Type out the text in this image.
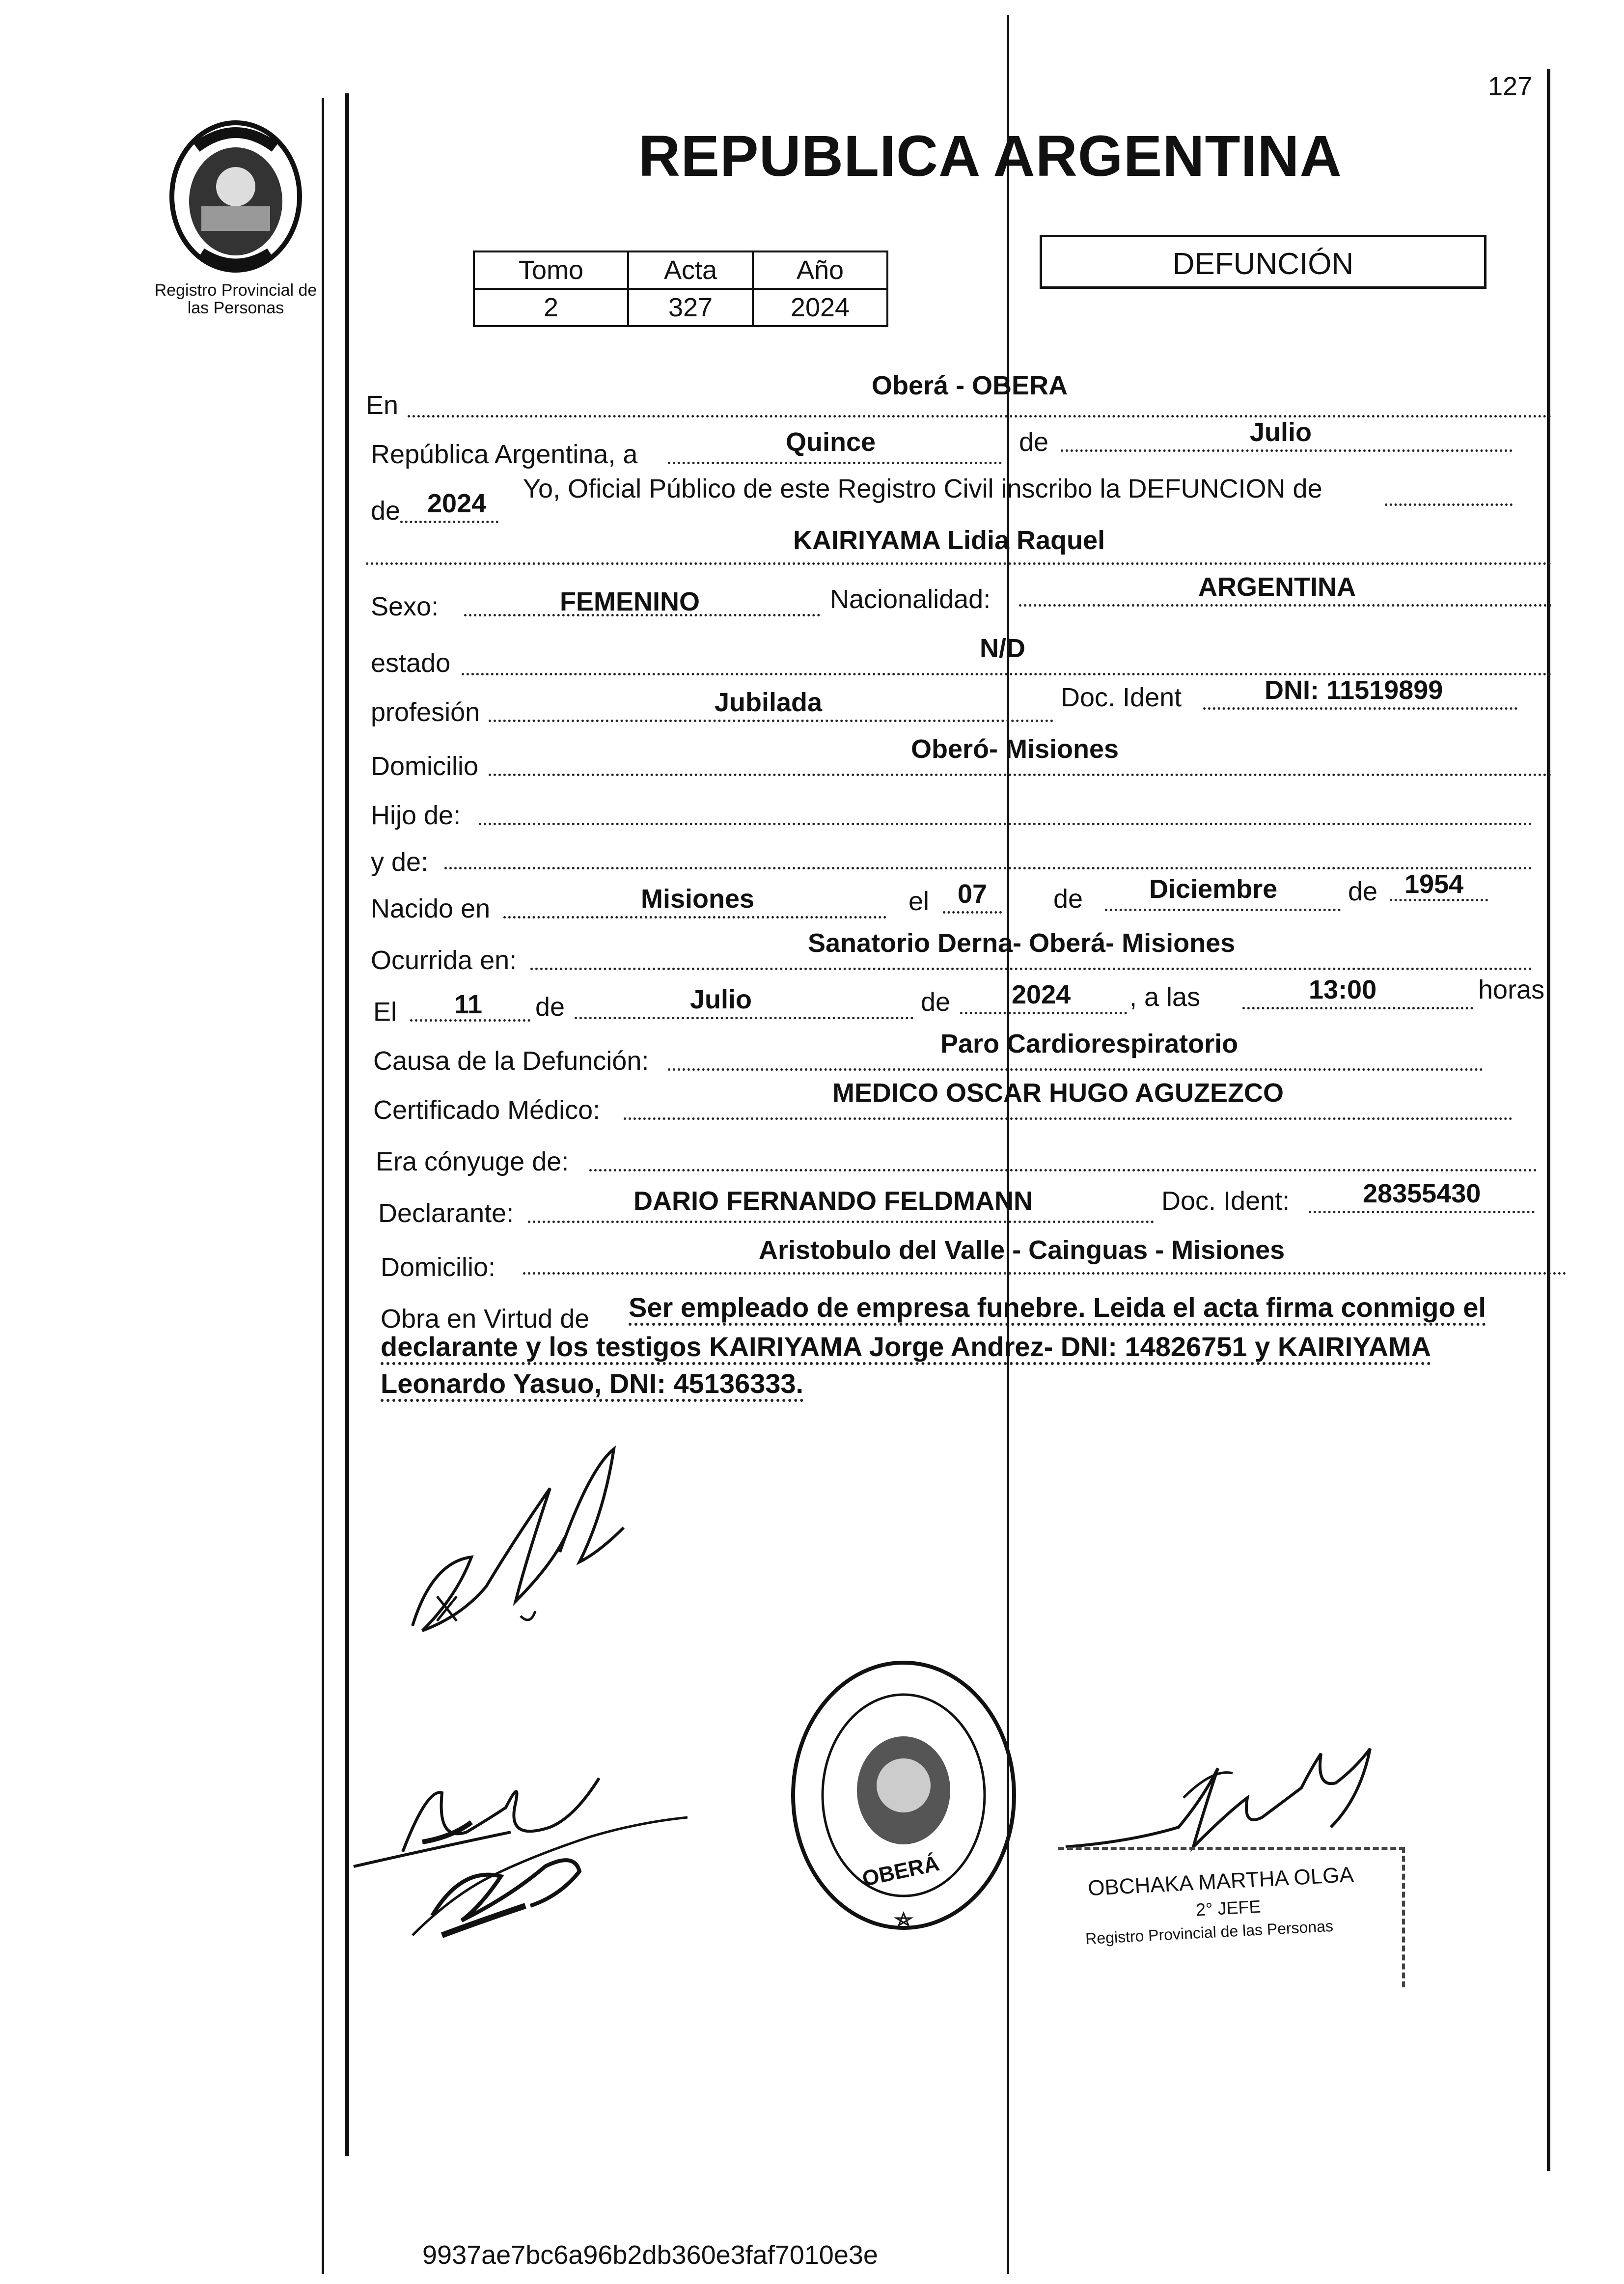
127
Registro Provincial de
las Personas
REPUBLICA ARGENTINA
Tomo	Acta	Año
2	327	2024
DEFUNCIÓN
En
Oberá - OBERA
República Argentina, a	Quince	de	Julio
de 2024 Yo, Oficial Público de este Registro Civil inscribo la DEFUNCION de
KAIRIYAMA Lidia Raquel
Sexo:	FEMENINO	Nacionalidad:	ARGENTINA
estado	N/D
profesión	Jubilada	Doc. Ident	DNI: 11519899
Domicilio
Oberó- Misiones
Hijo de:
y de:
Nacido en	Misiones	el 07 de Diciembre	de 1954
Ocurrida en:
Sanatorio Derna- Oberá- Misiones
El 11 de	Julio	de 2024 , a las	13:00	horas
Causa de la Defunción:
Paro Cardiorespiratorio
Certificado Médico:
MEDICO OSCAR HUGO AGUZEZCO
Era cónyuge de:
Declarante:	DARIO FERNANDO FELDMANN	Doc. Ident:	28355430
Domicilio:
Aristobulo del Valle - Cainguas - Misiones
Obra en Virtud de Ser empleado de empresa funebre. Leida el acta firma conmigo el
declarante y los testigos KAIRIYAMA Jorge Andrez- DNI: 14826751 y KAIRIYAMA
Leonardo Yasuo, DNI: 45136333.
OBERÁ	OBCHAKA MARTHA OLGA
2° JEFE
Registro Provincial de las Personas
9937ae7bc6a96b2db360e3faf7010e3e
